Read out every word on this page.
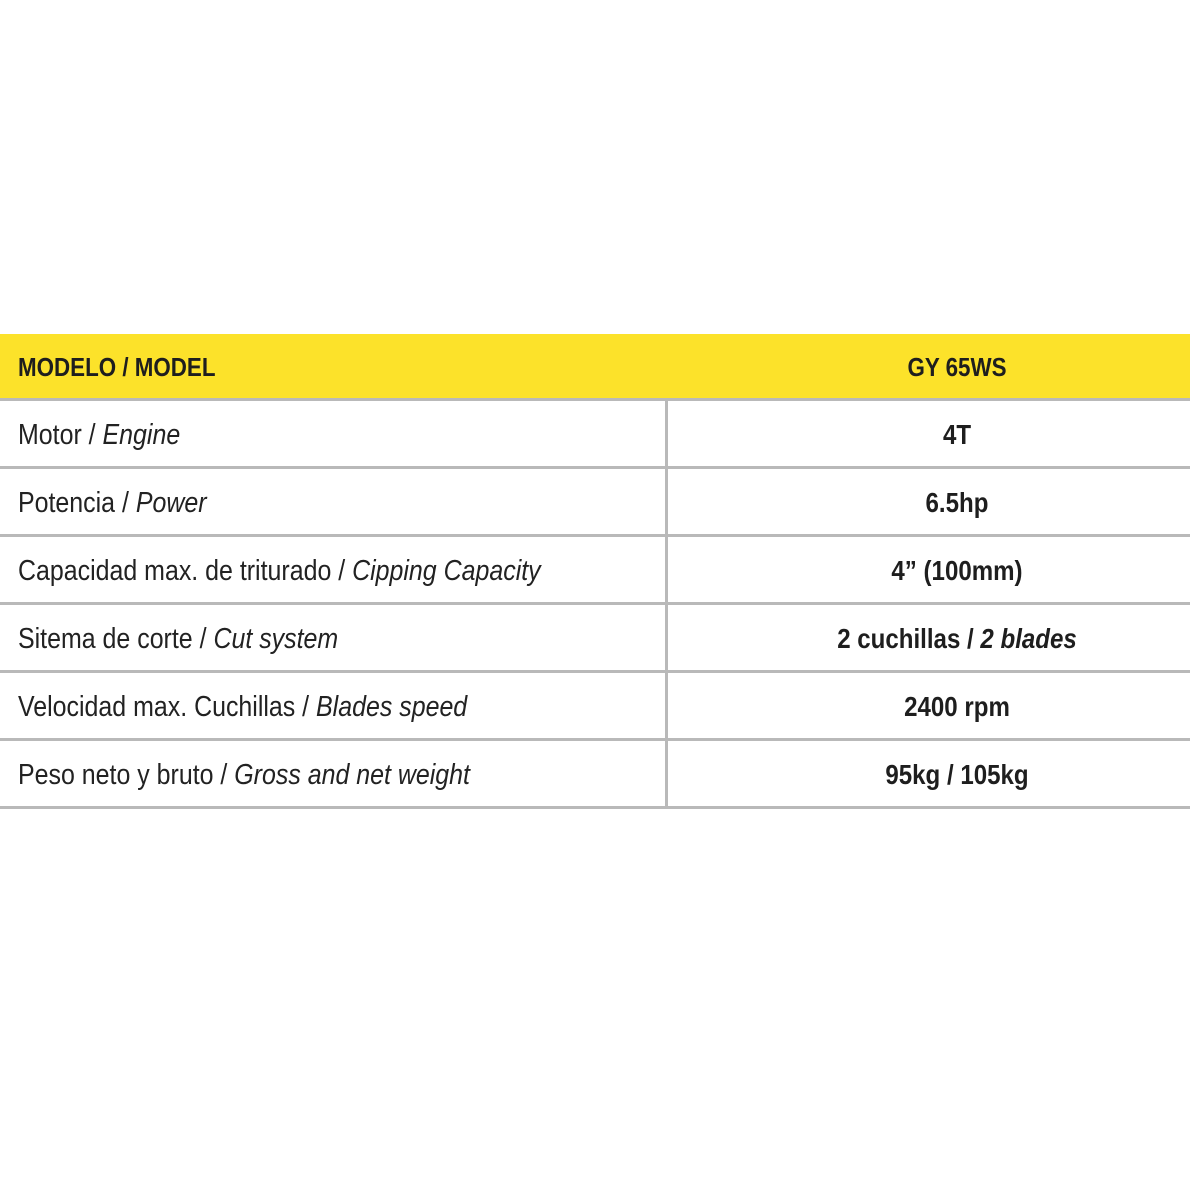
MODELO / MODEL	GY 65WS
Motor / Engine	4T
Potencia / Power	6.5hp
Capacidad max. de triturado / Cipping Capacity	4” (100mm)
Sitema de corte / Cut system	2 cuchillas / 2 blades
Velocidad max. Cuchillas / Blades speed	2400 rpm
Peso neto y bruto / Gross and net weight	95kg / 105kg
